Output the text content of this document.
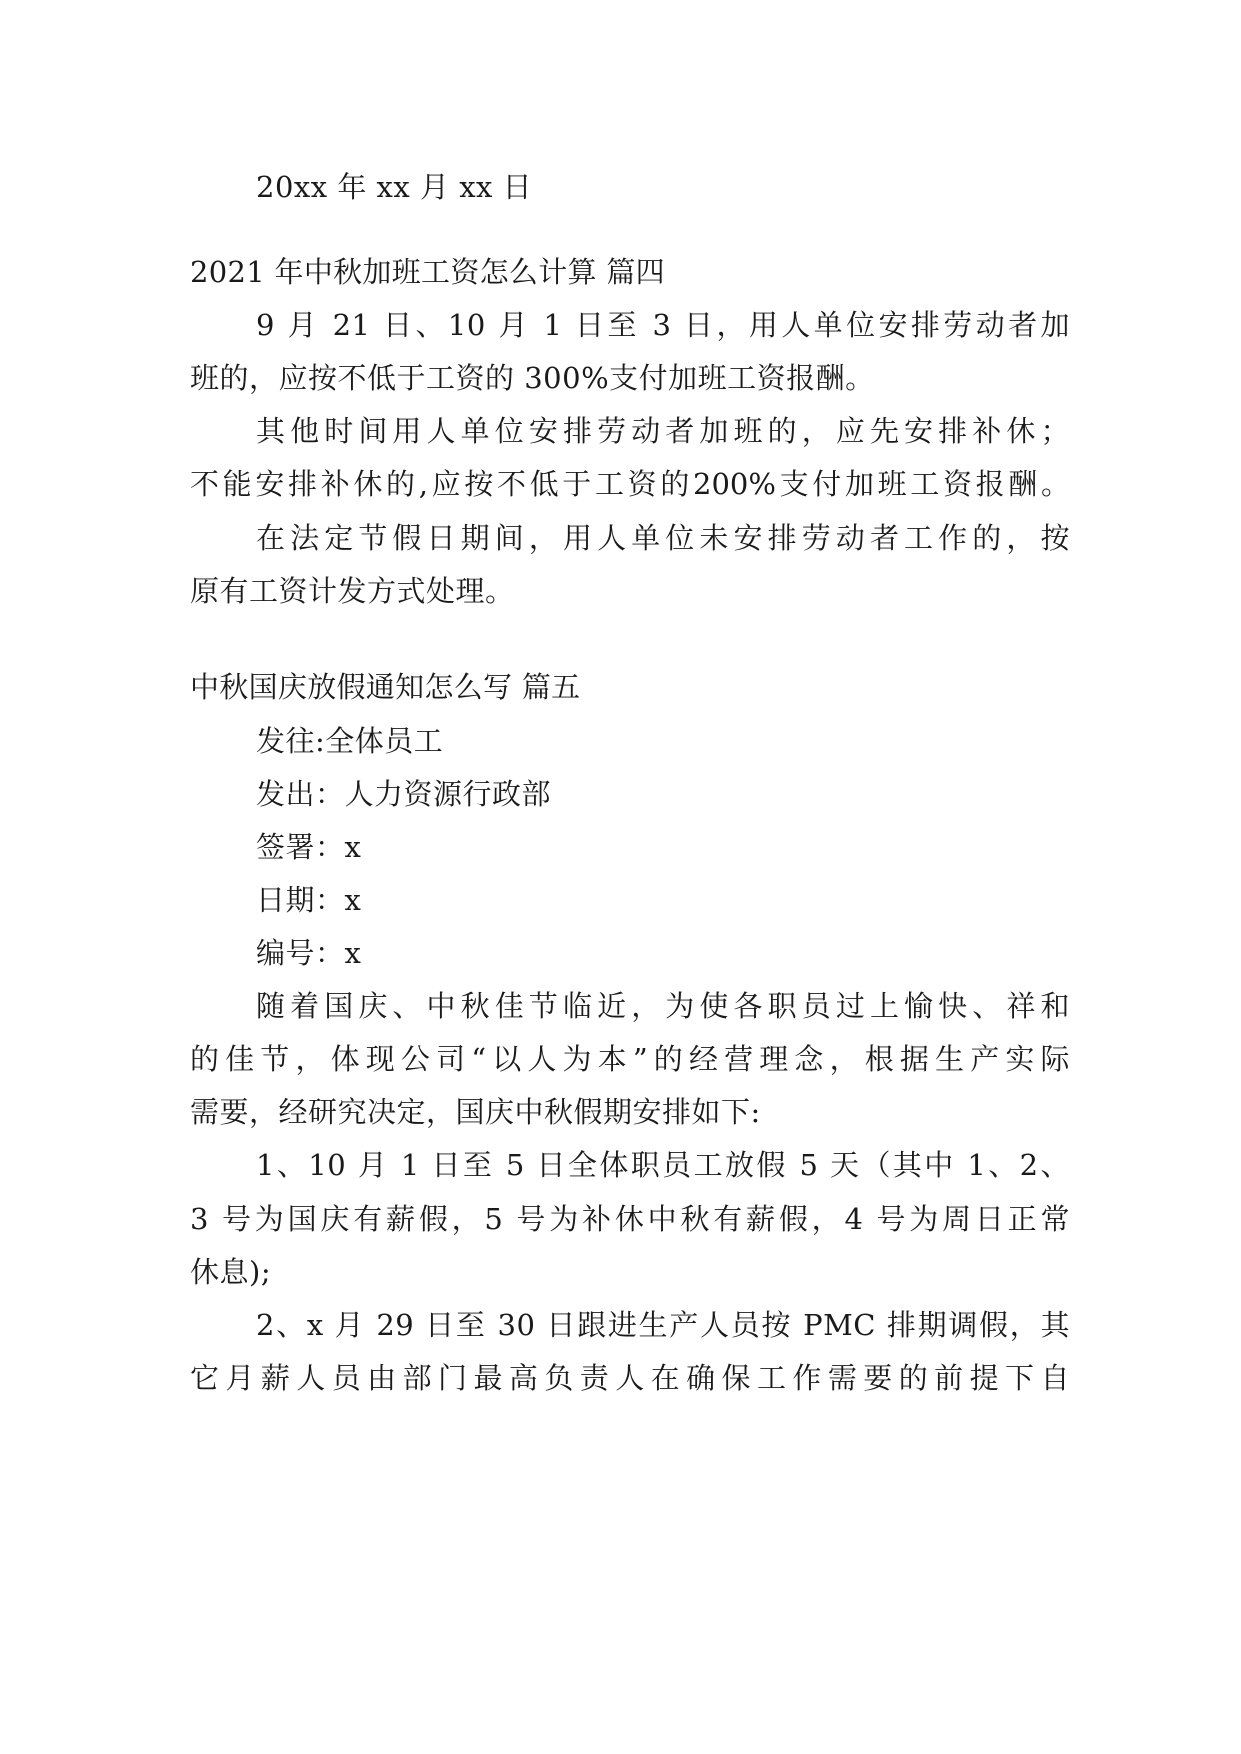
20xx 年 xx 月 xx 日
2021 年中秋加班工资怎么计算 篇四
9 月 21 日、10 月 1 日至 3 日，用人单位安排劳动者加
班的，应按不低于工资的 300%支付加班工资报酬。
其他时间用人单位安排劳动者加班的，应先安排补休；
不能安排补休的,应按不低于工资的200%支付加班工资报酬。
在法定节假日期间，用人单位未安排劳动者工作的，按
原有工资计发方式处理。
中秋国庆放假通知怎么写 篇五
发往:全体员工
发出：人力资源行政部
签署：x
日期：x
编号：x
随着国庆、中秋佳节临近，为使各职员过上愉快、祥和
的佳节，体现公司“以人为本”的经营理念，根据生产实际
需要，经研究决定，国庆中秋假期安排如下:
1、10 月 1 日至 5 日全体职员工放假 5 天（其中 1、2、
3 号为国庆有薪假，5 号为补休中秋有薪假，4 号为周日正常
休息);
2、x 月 29 日至 30 日跟进生产人员按 PMC 排期调假，其
它月薪人员由部门最高负责人在确保工作需要的前提下自
